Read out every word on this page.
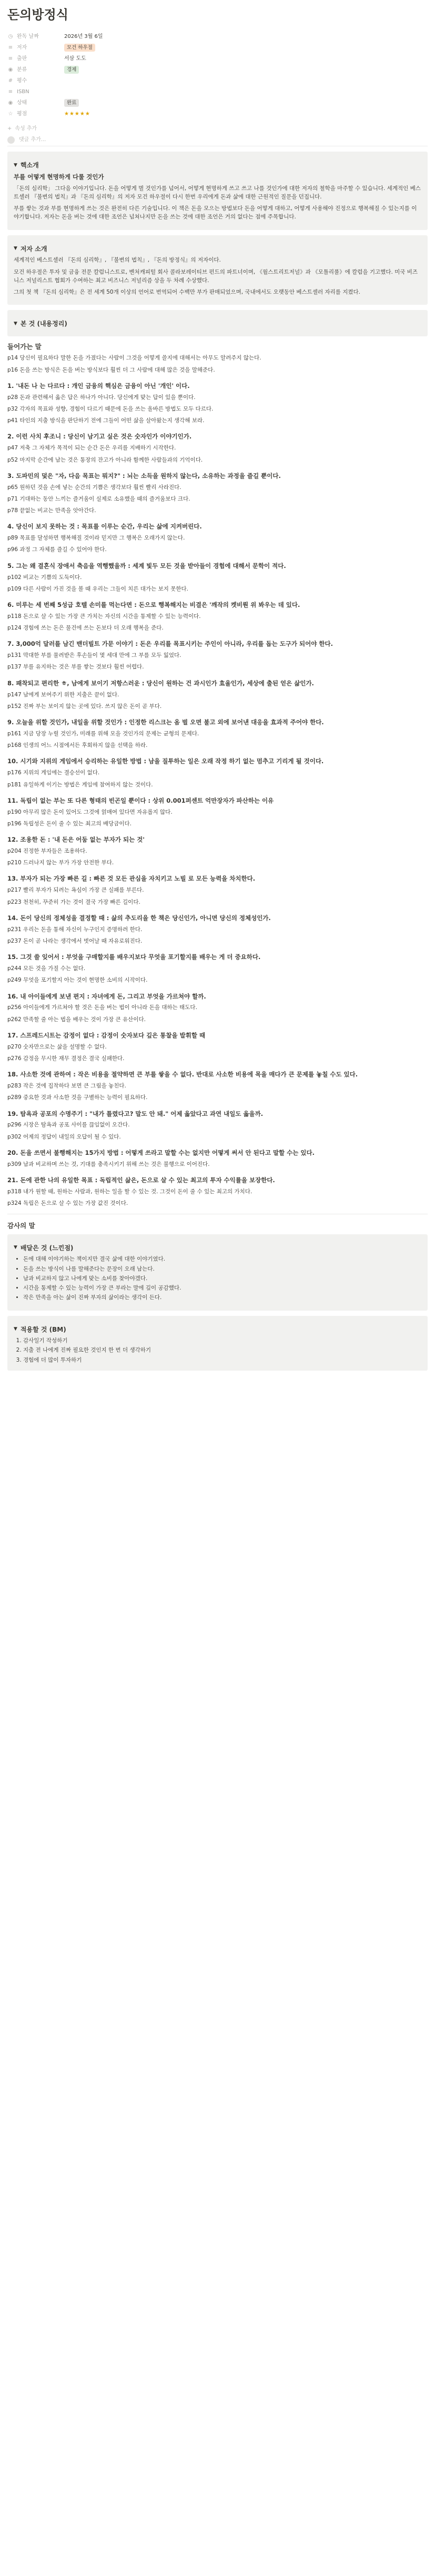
돈의방정식
◷ 완독 날짜	2026년 3월 6일
≡ 저자	모건 하우절
≡ 출판	서삼 도도
◉ 분류	경제
# 평수
≡ ISBN
◉ 상태	완료
☆ 평점	★★★★★
+ 속성 추가
댓글 추가...
▼ 핵소개
부를 어떻게 현명하게 다룰 것인가

「돈의 심리학」 그다음 이야기입니다. 돈을 어떻게 벌 것인가를 넘어서, 어떻게 현명하게 쓰고 쓰고 나를 것인가에 대한 저자의 철학을 마주할 수 있습니다. 세계적인 베스트셀러 『불변의 법칙』과 『돈의 심리학』의 저자 모건 하우절이 다시 한번 우리에게 돈과 삶에 대한 근원적인 질문을 던집니다.

부를 쌓는 것과 부를 현명하게 쓰는 것은 완전히 다른 기술입니다. 이 책은 돈을 모으는 방법보다 돈을 어떻게 대하고, 어떻게 사용해야 진정으로 행복해질 수 있는지를 이야기합니다. 저자는 돈을 버는 것에 대한 조언은 넘쳐나지만 돈을 쓰는 것에 대한 조언은 거의 없다는 점에 주목합니다.

▼ 저자 소개

세계적인 베스트셀러 『돈의 심리학』, 『불변의 법칙』, 『돈의 방정식』의 저자이다.

모건 하우절은 투자 및 금융 전문 칼럼니스트로, 벤처캐피털 회사 콜라보레이티브 펀드의 파트너이며, 《월스트리트저널》과 《모틀리풀》에 칼럼을 기고했다. 미국 비즈니스 저널리스트 협회가 수여하는 최고 비즈니스 저널리즘 상을 두 차례 수상했다.

그의 첫 책 『돈의 심리학』은 전 세계 50개 이상의 언어로 번역되어 수백만 부가 판매되었으며, 국내에서도 오랫동안 베스트셀러 자리를 지켰다.

▼ 본 것 (내용정리)
들어가는 말

p14 당신이 필요하다 말한 돈을 가졌다는 사람이 그것을 어떻게 쓸지에 대해서는 아무도 알려주지 않는다.

p16 돈을 쓰는 방식은 돈을 버는 방식보다 훨씬 더 그 사람에 대해 많은 것을 말해준다.

1. '내돈 나 는 다르다 : 개인 금융의 핵심은 금융이 아닌 '개인' 이다.

p28 돈과 관련해서 옳은 답은 하나가 아니다. 당신에게 맞는 답이 있을 뿐이다.

p32 각자의 목표와 성향, 경험이 다르기 때문에 돈을 쓰는 올바른 방법도 모두 다르다.

p41 타인의 지출 방식을 판단하기 전에 그들이 어떤 삶을 살아왔는지 생각해 보라.

2. 이런 사치 후조니 : 당신이 남기고 싶은 것은 숫자인가 이야기인가.

p47 저축 그 자체가 목적이 되는 순간 돈은 우리를 지배하기 시작한다.

p52 마지막 순간에 남는 것은 통장의 잔고가 아니라 함께한 사람들과의 기억이다.

3. 도파민의 덫은 "자, 다음 목표는 뭐지?" : 뇌는 소득을 원하지 않는다, 소유하는 과정을 즐길 뿐이다.

p65 원하던 것을 손에 넣는 순간의 기쁨은 생각보다 훨씬 빨리 사라진다.

p71 기대하는 동안 느끼는 즐거움이 실제로 소유했을 때의 즐거움보다 크다.

p78 끝없는 비교는 만족을 앗아간다.

4. 당신이 보지 못하는 것 : 목표를 이루는 순간, 우리는 삶에 지켜버린다.

p89 목표를 달성하면 행복해질 것이라 믿지만 그 행복은 오래가지 않는다.

p96 과정 그 자체를 즐길 수 있어야 한다.

5. 그는 왜 결혼식 장애서 축음을 역행했을까 : 세계 빛두 모든 것을 받아들이 경험에 대해서 문학이 적다.

p102 비교는 기쁨의 도둑이다.

p109 다른 사람이 가진 것을 볼 때 우리는 그들이 치른 대가는 보지 못한다.

6. 미루는 세 번째 5성급 호텔 손미를 먹는다면 : 돈으로 행복해지는 비결은 '깨작의 켓비뤈 위 봐우는 데 있다.

p118 돈으로 살 수 있는 가장 큰 가치는 자신의 시간을 통제할 수 있는 능력이다.

p124 경험에 쓰는 돈은 물건에 쓰는 돈보다 더 오래 행복을 준다.

7. 3,000억 달러를 남긴 밴더빌트 가문 이야기 : 돈은 우리를 목표시키는 주인이 아니라, 우리를 돕는 도구가 되어야 한다.

p131 막대한 부를 물려받은 후손들이 몇 세대 만에 그 부를 모두 잃었다.

p137 부를 유지하는 것은 부를 쌓는 것보다 훨씬 어렵다.

8. 패착되고 편리한 ㅎ, 남에게 보이기 저항스러운 : 당신이 원하는 건 과시인가 효율인가, 세상에 출된 얻은 삶인가.

p147 남에게 보여주기 위한 지출은 끝이 없다.

p152 진짜 부는 보이지 않는 곳에 있다. 쓰지 않은 돈이 곧 부다.

9. 오늘을 위할 것인가, 내일을 위할 것인가 : 인정한 리스크는 옴 벌 오면 불고 외에 보어낸 대응을 효과적 주어야 한다.

p161 지금 당장 누릴 것인가, 미래를 위해 모을 것인가의 문제는 균형의 문제다.

p168 인생의 어느 시점에서든 후회하지 않을 선택을 하라.

10. 시기와 지위의 게임에서 승리하는 유일한 방법 : 남을 질투하는 일은 오래 작정 하기 없는 멈추고 기리게 될 것이다.

p176 지위의 게임에는 결승선이 없다.

p181 유일하게 이기는 방법은 게임에 참여하지 않는 것이다.

11. 독립이 없는 부는 또 다른 형태의 빈곤일 뿐이다 : 상위 0.001퍼센트 억만장자가 파산하는 이유

p190 아무리 많은 돈이 있어도 그것에 얽매여 있다면 자유롭지 않다.

p196 독립성은 돈이 줄 수 있는 최고의 배당금이다.

12. 조용한 돈 : '내 돈은 어둠 없는 부자가 되는 것'

p204 진정한 부자들은 조용하다.

p210 드러나지 않는 부가 가장 안전한 부다.

13. 부자가 되는 가장 빠른 길 : 빠른 것 모든 관심을 자치키고 노빌 로 모든 능력을 차치한다.

p217 빨리 부자가 되려는 욕심이 가장 큰 실패를 부른다.

p223 천천히, 꾸준히 가는 것이 결국 가장 빠른 길이다.

14. 돈이 당신의 정체성을 결정할 때 : 삶의 추도리을 한 책은 당신인가, 아니면 당신의 정체성인가.

p231 우리는 돈을 통해 자신이 누구인지 증명하려 한다.

p237 돈이 곧 나라는 생각에서 벗어날 때 자유로워진다.

15. 그것 쓸 잊어서 : 부엇을 구매할지를 배우지보다 무엇을 포기할지를 배우는 게 더 중요하다.

p244 모든 것을 가질 수는 없다.

p249 무엇을 포기할지 아는 것이 현명한 소비의 시작이다.

16. 내 아이들에게 보낸 편지 : 자녀에게 돈, 그리고 부엇을 가르쳐야 할까.

p256 아이들에게 가르쳐야 할 것은 돈을 버는 법이 아니라 돈을 대하는 태도다.

p262 만족할 줄 아는 법을 배우는 것이 가장 큰 유산이다.

17. 스프레드시트는 감정이 없다 : 감정이 숫자보다 깊은 통찰을 발휘할 때

p270 숫자만으로는 삶을 설명할 수 없다.

p276 감정을 무시한 재무 결정은 결국 실패한다.

18. 사소한 것에 관하여 : 작은 비용을 절약하면 큰 부를 쌓을 수 없다. 반대로 사소한 비용에 목을 매다가 큰 문제를 놓칠 수도 있다.

p283 작은 것에 집착하다 보면 큰 그림을 놓친다.

p289 중요한 것과 사소한 것을 구별하는 능력이 필요하다.

19. 탐욕과 공포의 수명주기 : "내가 틀렸다고? 말도 안 돼." 어제 옳았다고 과연 내일도 옳을까.

p296 시장은 탐욕과 공포 사이를 끊임없이 오간다.

p302 어제의 정답이 내일의 오답이 될 수 있다.

20. 돈을 쓰면서 불행해지는 15가지 방법 : 어떻게 쓰라고 말할 수는 없지만 어떻게 써서 안 된다고 말할 수는 있다.

p309 남과 비교하며 쓰는 것, 기대를 충족시키기 위해 쓰는 것은 불행으로 이어진다.

21. 돈에 관한 나의 유일한 목표 : 독립적인 삶은, 돈으로 살 수 있는 최고의 투자 수익률을 보장한다.

p318 내가 원할 때, 원하는 사람과, 원하는 일을 할 수 있는 것. 그것이 돈이 줄 수 있는 최고의 가치다.

p324 독립은 돈으로 살 수 있는 가장 값진 것이다.

감사의 말
▼ 배달은 것 (느낀점)
• 돈에 대해 이야기하는 책이지만 결국 삶에 대한 이야기였다.
• 돈을 쓰는 방식이 나를 말해준다는 문장이 오래 남는다.
• 남과 비교하지 않고 나에게 맞는 소비를 찾아야겠다.
• 시간을 통제할 수 있는 능력이 가장 큰 부라는 말에 깊이 공감했다.
• 작은 만족을 아는 삶이 진짜 부자의 삶이라는 생각이 든다.
▼ 적용할 것 (BM)
1. 감사일기 작성하기
2. 지출 전 나에게 진짜 필요한 것인지 한 번 더 생각하기
3. 경험에 더 많이 투자하기
